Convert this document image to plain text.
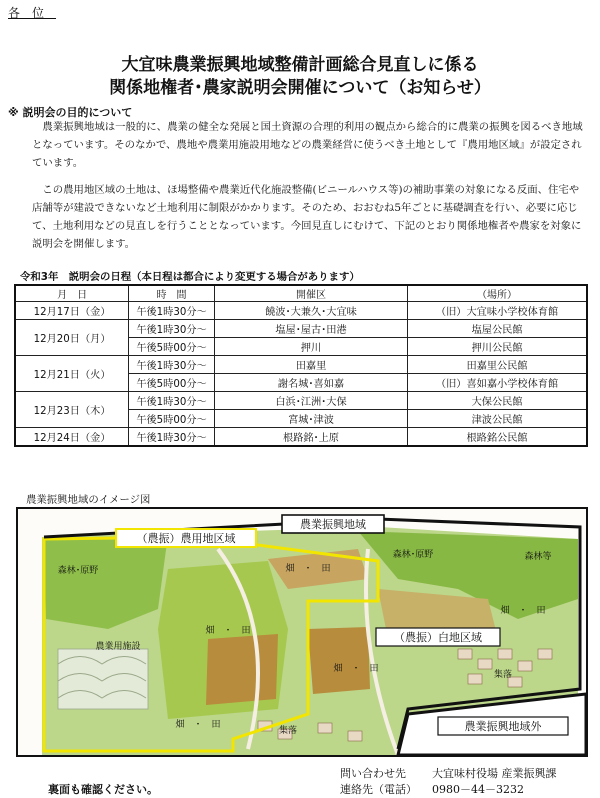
各位
大宜味農業振興地域整備計画総合見直しに係る
関係地権者･農家説明会開催について（お知らせ）
※ 説明会の目的について

農業振興地域は一般的に、農業の健全な発展と国土資源の合理的利用の観点から総合的に農業の振興を図るべき地域となっています。そのなかで、農地や農業用施設用地などの農業経営に使うべき土地として『農用地区域』が設定されています。

この農用地区域の土地は、ほ場整備や農業近代化施設整備(ビニールハウス等)の補助事業の対象になる反面、住宅や店舗等が建設できないなど土地利用に制限がかかります。そのため、おおむね5年ごとに基礎調査を行い、必要に応じて、土地利用などの見直しを行うこととなっています。今回見直しにむけて、下記のとおり関係地権者や農家を対象に説明会を開催します。

令和3年　説明会の日程（本日程は都合により変更する場合があります）
月　日	時　間	開催区	（場所）
12月17日（金）	午後1時30分～	饒波･大兼久･大宜味	（旧）大宜味小学校体育館
12月20日（月）	午後1時30分～	塩屋･屋古･田港	塩屋公民館
	午後5時00分～	押川	押川公民館
12月21日（火）	午後1時30分～	田嘉里	田嘉里公民館
	午後5時00分～	謝名城･喜如嘉	（旧）喜如嘉小学校体育館
12月23日（木）	午後1時30分～	白浜･江洲･大保	大保公民館
	午後5時00分～	宮城･津波	津波公民館
12月24日（金）	午後1時30分～	根路銘･上原	根路銘公民館
農業振興地域のイメージ図
農業振興地域
（農振）農用地区域
（農振）白地区域
農業振興地域外
森林･原野
森林･原野	森林等
畑　・　田
畑　・　田
畑　・　田
畑　・　田
畑　・　田
農業用施設
集落
集落
問い合わせ先 大宜味村役場 産業振興課
連絡先（電話） 0980－44－3232
裏面も確認ください。
